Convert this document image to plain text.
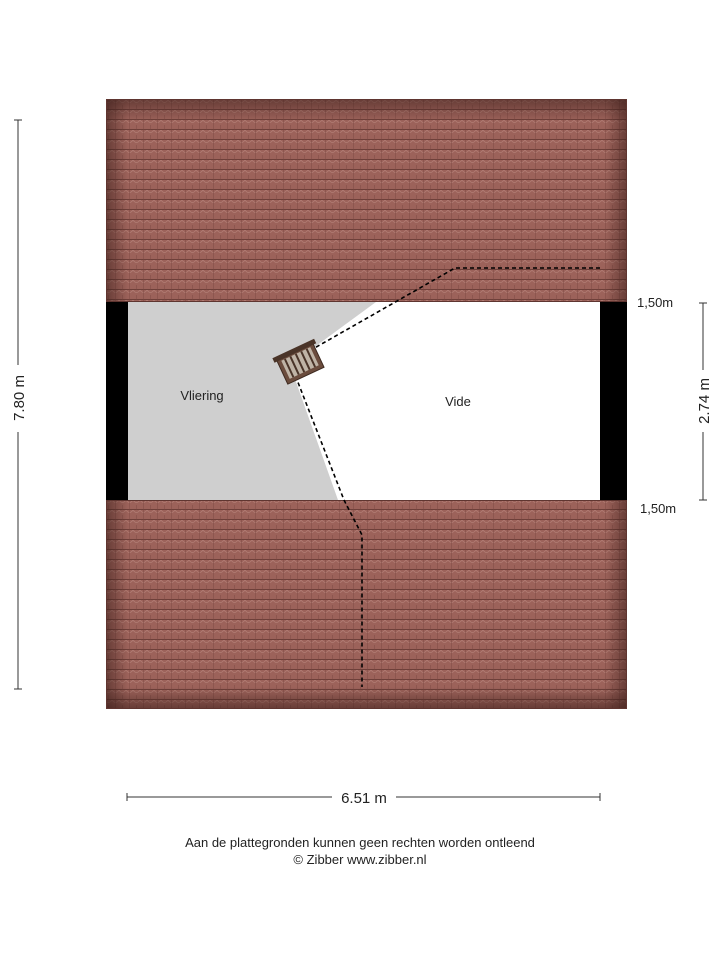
Vliering	Vide
7.80 m	2.74 m
1,50m
1,50m
6.51 m
Aan de plattegronden kunnen geen rechten worden ontleend
© Zibber www.zibber.nl
